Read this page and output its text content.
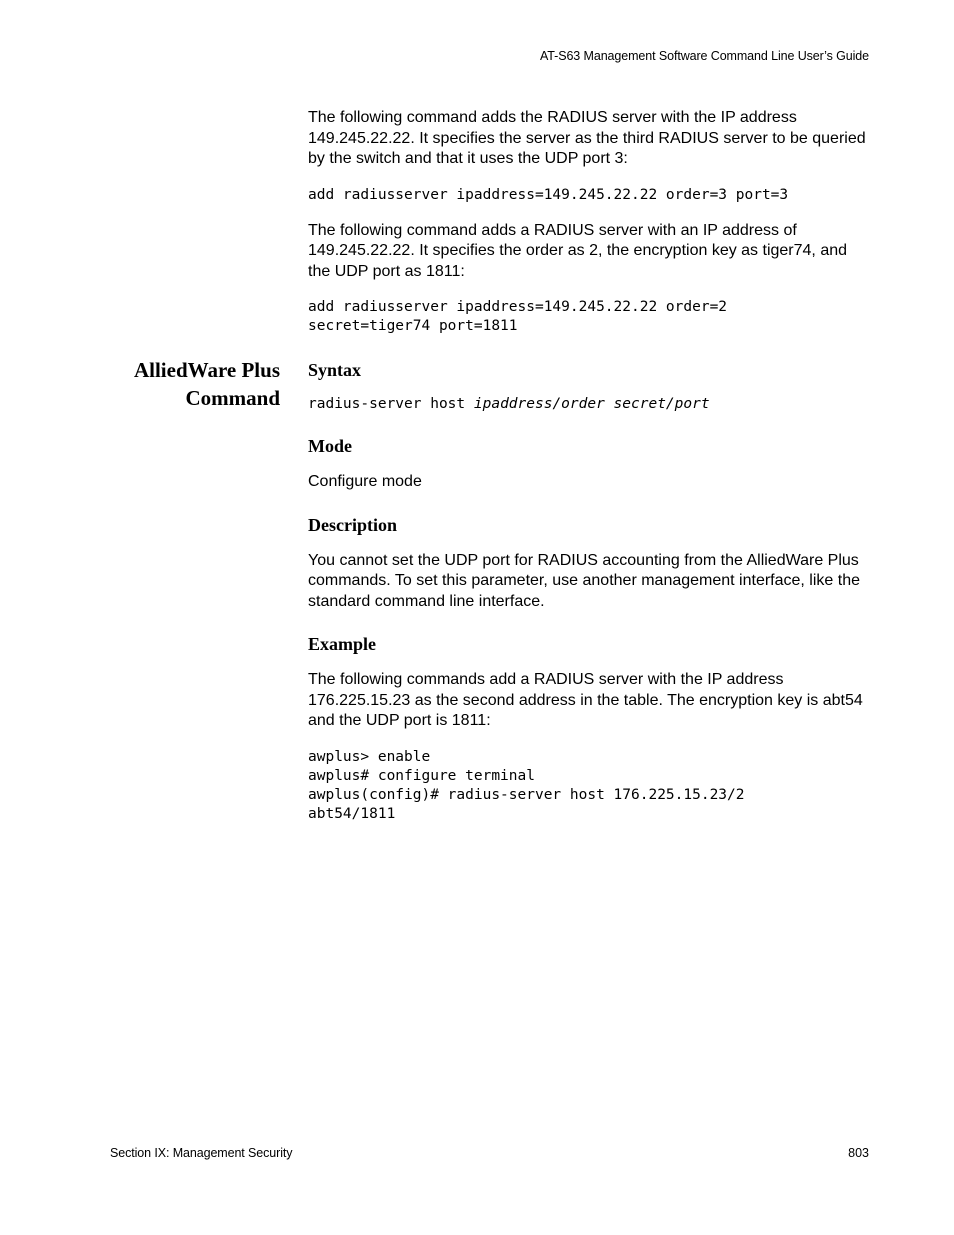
AT-S63 Management Software Command Line User’s Guide
AlliedWare Plus
Command

The following command adds the RADIUS server with the IP address 149.245.22.22. It specifies the server as the third RADIUS server to be queried by the switch and that it uses the UDP port 3:

add radiusserver ipaddress=149.245.22.22 order=3 port=3

The following command adds a RADIUS server with an IP address of 149.245.22.22. It specifies the order as 2, the encryption key as tiger74, and the UDP port as 1811:

add radiusserver ipaddress=149.245.22.22 order=2
secret=tiger74 port=1811

Syntax

radius-server host ipaddress/order secret/port

Mode

Configure mode

Description

You cannot set the UDP port for RADIUS accounting from the AlliedWare Plus commands. To set this parameter, use another management interface, like the standard command line interface.

Example

The following commands add a RADIUS server with the IP address 176.225.15.23 as the second address in the table. The encryption key is abt54 and the UDP port is 1811:

awplus> enable
awplus# configure terminal
awplus(config)# radius-server host 176.225.15.23/2
abt54/1811
Section IX: Management Security	803
